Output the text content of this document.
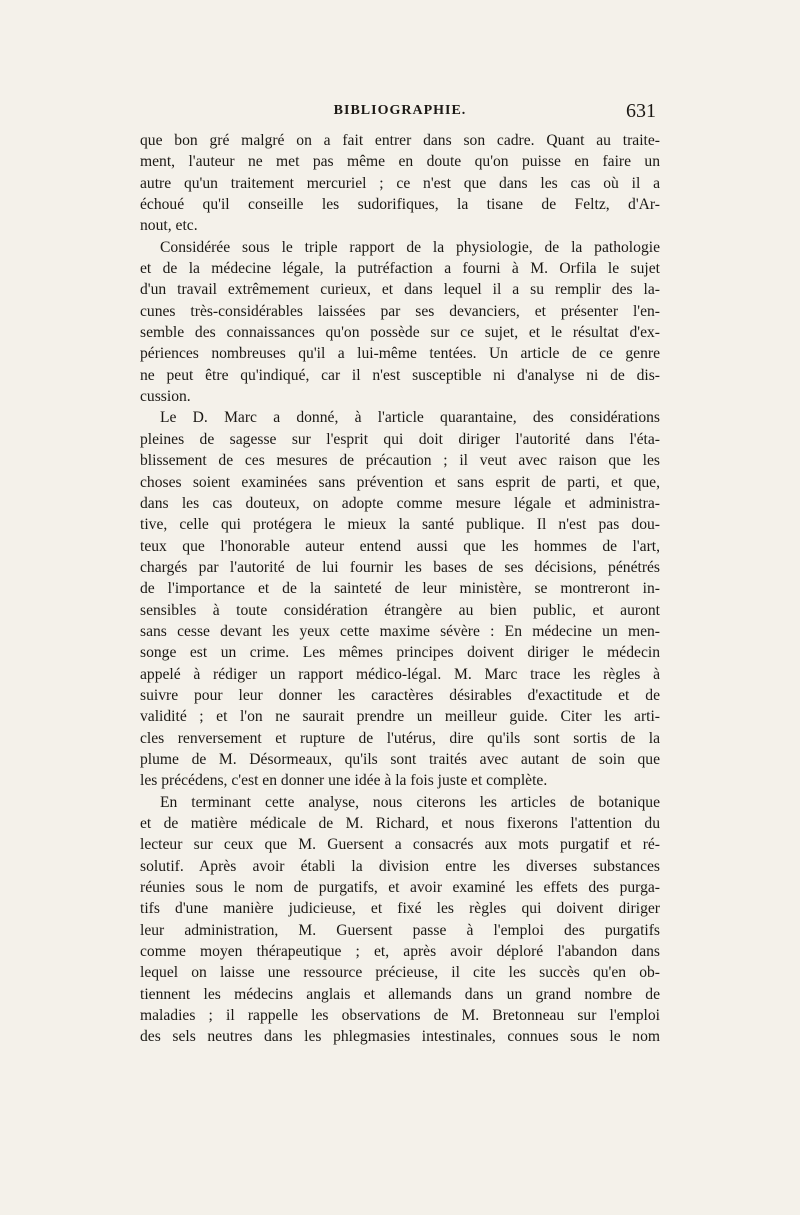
BIBLIOGRAPHIE.	631
que bon gré malgré on a fait entrer dans son cadre. Quant au traite-
ment, l'auteur ne met pas même en doute qu'on puisse en faire un
autre qu'un traitement mercuriel ; ce n'est que dans les cas où il a
échoué qu'il conseille les sudorifiques, la tisane de Feltz, d'Ar-
nout, etc.
Considérée sous le triple rapport de la physiologie, de la pathologie
et de la médecine légale, la putréfaction a fourni à M. Orfila le sujet
d'un travail extrêmement curieux, et dans lequel il a su remplir des la-
cunes très-considérables laissées par ses devanciers, et présenter l'en-
semble des connaissances qu'on possède sur ce sujet, et le résultat d'ex-
périences nombreuses qu'il a lui-même tentées. Un article de ce genre
ne peut être qu'indiqué, car il n'est susceptible ni d'analyse ni de dis-
cussion.
Le D. Marc a donné, à l'article quarantaine, des considérations
pleines de sagesse sur l'esprit qui doit diriger l'autorité dans l'éta-
blissement de ces mesures de précaution ; il veut avec raison que les
choses soient examinées sans prévention et sans esprit de parti, et que,
dans les cas douteux, on adopte comme mesure légale et administra-
tive, celle qui protégera le mieux la santé publique. Il n'est pas dou-
teux que l'honorable auteur entend aussi que les hommes de l'art,
chargés par l'autorité de lui fournir les bases de ses décisions, pénétrés
de l'importance et de la sainteté de leur ministère, se montreront in-
sensibles à toute considération étrangère au bien public, et auront
sans cesse devant les yeux cette maxime sévère : En médecine un men-
songe est un crime. Les mêmes principes doivent diriger le médecin
appelé à rédiger un rapport médico-légal. M. Marc trace les règles à
suivre pour leur donner les caractères désirables d'exactitude et de
validité ; et l'on ne saurait prendre un meilleur guide. Citer les arti-
cles renversement et rupture de l'utérus, dire qu'ils sont sortis de la
plume de M. Désormeaux, qu'ils sont traités avec autant de soin que
les précédens, c'est en donner une idée à la fois juste et complète.
En terminant cette analyse, nous citerons les articles de botanique
et de matière médicale de M. Richard, et nous fixerons l'attention du
lecteur sur ceux que M. Guersent a consacrés aux mots purgatif et ré-
solutif. Après avoir établi la division entre les diverses substances
réunies sous le nom de purgatifs, et avoir examiné les effets des purga-
tifs d'une manière judicieuse, et fixé les règles qui doivent diriger
leur administration, M. Guersent passe à l'emploi des purgatifs
comme moyen thérapeutique ; et, après avoir déploré l'abandon dans
lequel on laisse une ressource précieuse, il cite les succès qu'en ob-
tiennent les médecins anglais et allemands dans un grand nombre de
maladies ; il rappelle les observations de M. Bretonneau sur l'emploi
des sels neutres dans les phlegmasies intestinales, connues sous le nom
